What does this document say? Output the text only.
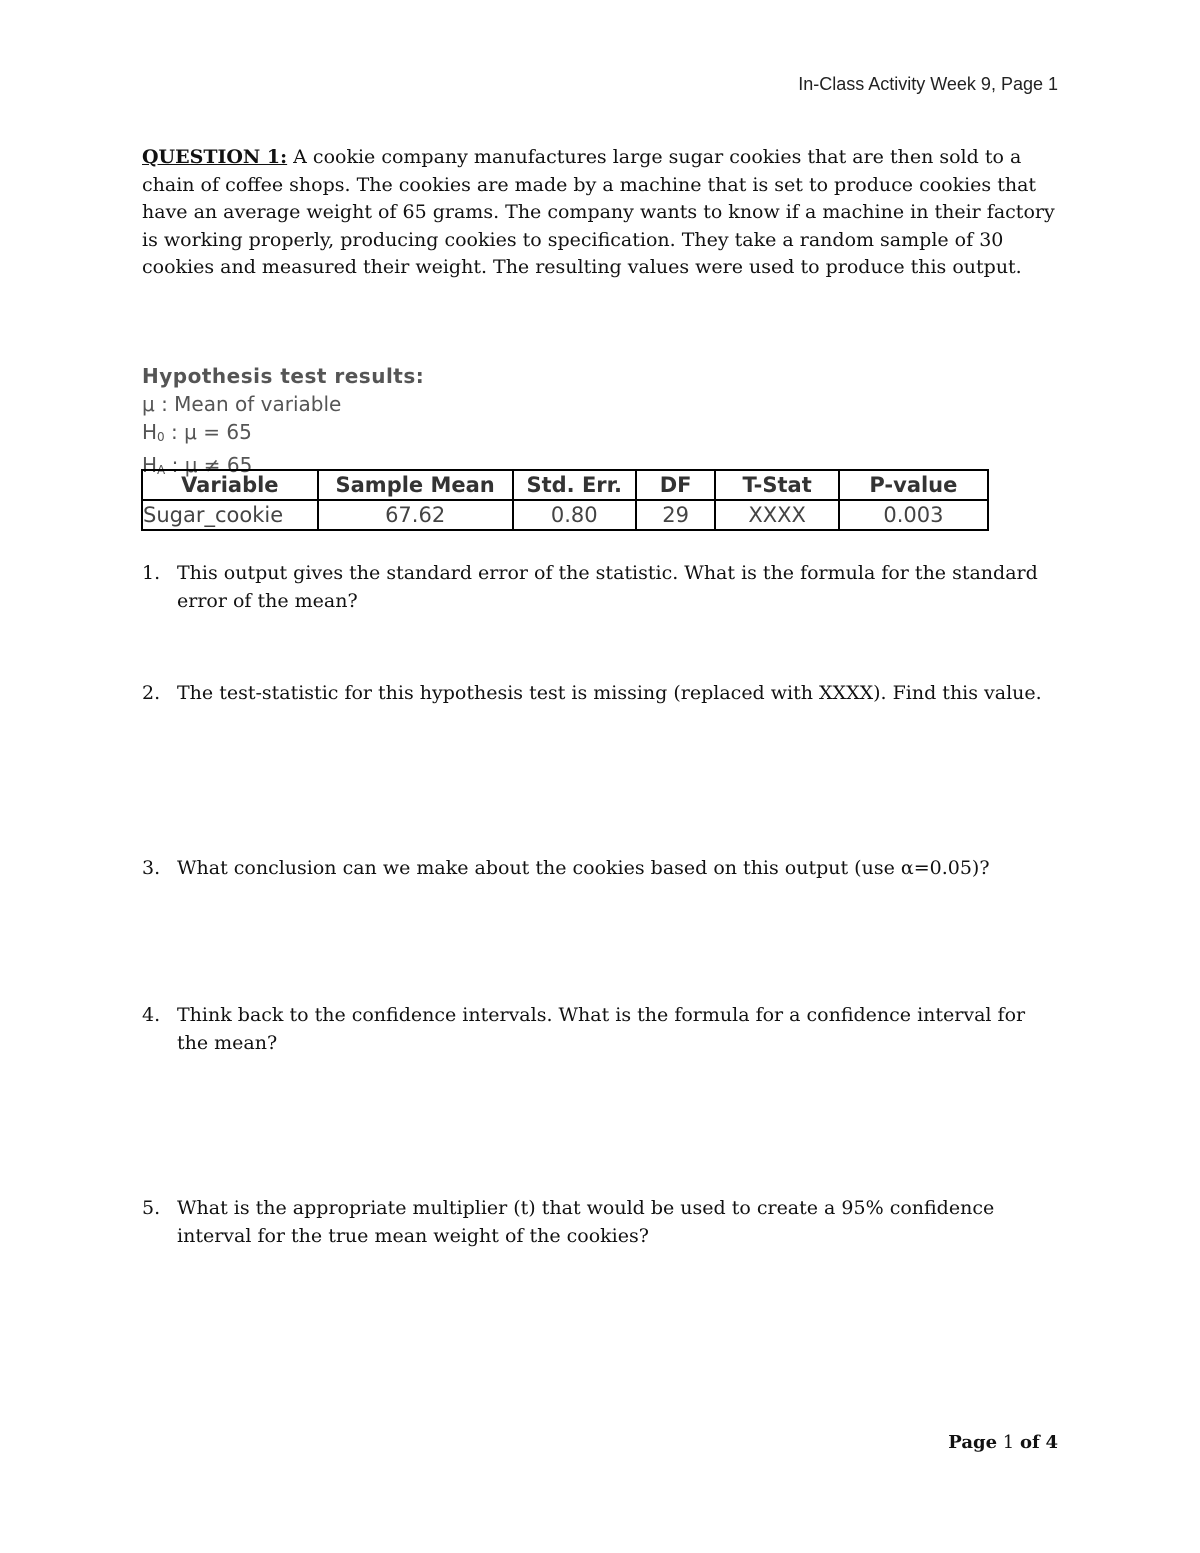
In-Class Activity Week 9, Page 1
QUESTION 1: A cookie company manufactures large sugar cookies that are then sold to a chain of coffee shops. The cookies are made by a machine that is set to produce cookies that have an average weight of 65 grams. The company wants to know if a machine in their factory is working properly, producing cookies to specification. They take a random sample of 30 cookies and measured their weight. The resulting values were used to produce this output.
Hypothesis test results:
μ : Mean of variable
$H_0$ : μ = 65
$H_A$ : μ ≠ 65
Variable	Sample Mean	Std. Err.	DF	T-Stat	P-value
Sugar_cookie	67.62	0.80	29	XXXX	0.003
1. This output gives the standard error of the statistic. What is the formula for the standard error of the mean?
2. The test-statistic for this hypothesis test is missing (replaced with XXXX). Find this value.
3. What conclusion can we make about the cookies based on this output (use α=0.05)?
4. Think back to the confidence intervals. What is the formula for a confidence interval for the mean?
5. What is the appropriate multiplier (t) that would be used to create a 95% confidence interval for the true mean weight of the cookies?
Page 1 of 4
